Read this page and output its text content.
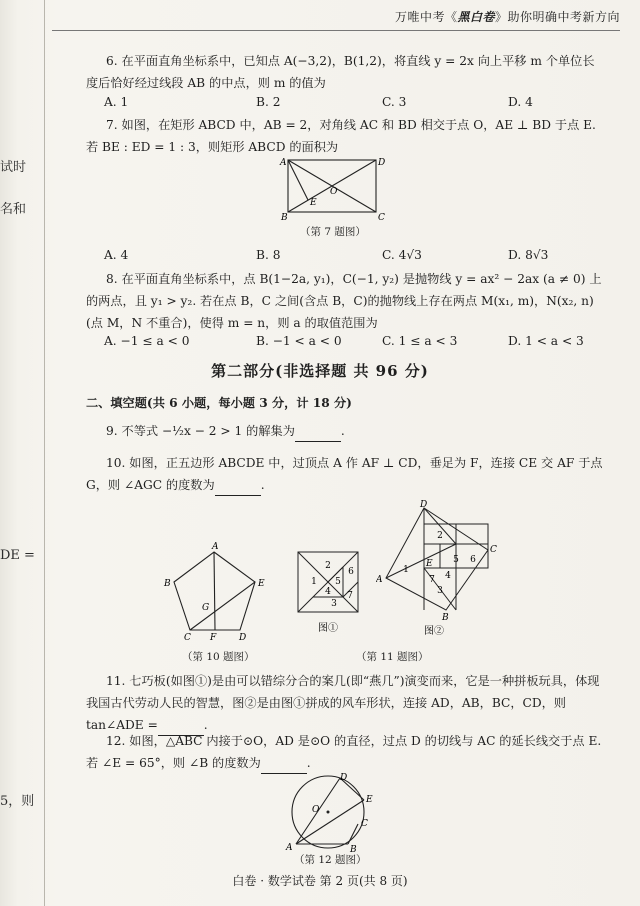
试时
名和
DE =
5，则
万唯中考《黑白卷》助你明确中考新方向
6. 在平面直角坐标系中，已知点 A(−3,2)，B(1,2)，将直线 y = 2x 向上平移 m 个单位长度后恰好经过线段 AB 的中点，则 m 的值为
A. 1	B. 2	C. 3	D. 4
7. 如图，在矩形 ABCD 中，AB = 2，对角线 AC 和 BD 相交于点 O，AE ⊥ BD 于点 E. 若 BE : ED = 1 : 3，则矩形 ABCD 的面积为
A	D
O
E
B	C
（第 7 题图）
A. 4	B. 8	C. 4√3	D. 8√3
8. 在平面直角坐标系中，点 B(1−2a, y₁)，C(−1, y₂) 是抛物线 y = ax² − 2ax (a ≠ 0) 上的两点，且 y₁ > y₂. 若在点 B，C 之间(含点 B，C)的抛物线上存在两点 M(x₁, m)，N(x₂, n)(点 M，N 不重合)，使得 m = n，则 a 的取值范围为
A. −1 ≤ a < 0	B. −1 < a < 0	C. 1 ≤ a < 3	D. 1 < a < 3
第二部分(非选择题 共 96 分)
二、填空题(共 6 小题，每小题 3 分，计 18 分)
9. 不等式 −½x − 2 > 1 的解集为	.
10. 如图，正五边形 ABCDE 中，过顶点 A 作 AF ⊥ CD，垂足为 F，连接 CE 交 AF 于点 G，则 ∠AGC 的度数为	.
A
B	E
G
C F	D
1
2
3
4
5
6
7
图①
1
2
3
4
5 6
7
D
C
A
E
B
图②
（第 10 题图）	（第 11 题图）
11. 七巧板(如图①)是由可以错综分合的案几(即“燕几”)演变而来，它是一种拼板玩具，体现我国古代劳动人民的智慧，图②是由图①拼成的风车形状，连接 AD，AB，BC，CD，则 tan∠ADE =	.
12. 如图，△ABC 内接于⊙O，AD 是⊙O 的直径，过点 D 的切线与 AC 的延长线交于点 E. 若 ∠E = 65°，则 ∠B 的度数为	.
D
O
E
C
A	B
（第 12 题图）
白卷 · 数学试卷 第 2 页(共 8 页)
